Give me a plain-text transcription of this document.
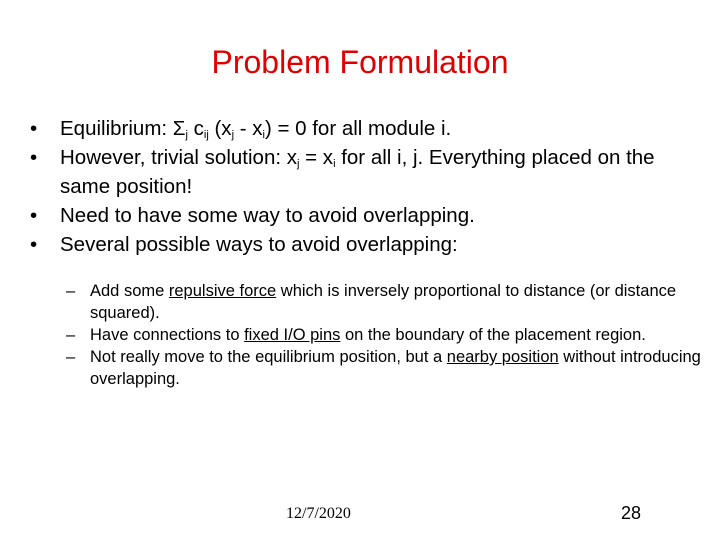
Problem Formulation

• Equilibrium: $\Sigma_j$ $c_{ij}$ $(x_j - x_i) = 0$ for all module i.

• However, trivial solution: $x_j = x_i$ for all i, j. Everything placed on the same position!

• Need to have some way to avoid overlapping.

• Several possible ways to avoid overlapping:

– Add some repulsive force which is inversely proportional to distance (or distance squared).

– Have connections to fixed I/O pins on the boundary of the placement region.

– Not really move to the equilibrium position, but a nearby position without introducing overlapping.

12/7/2020	28
